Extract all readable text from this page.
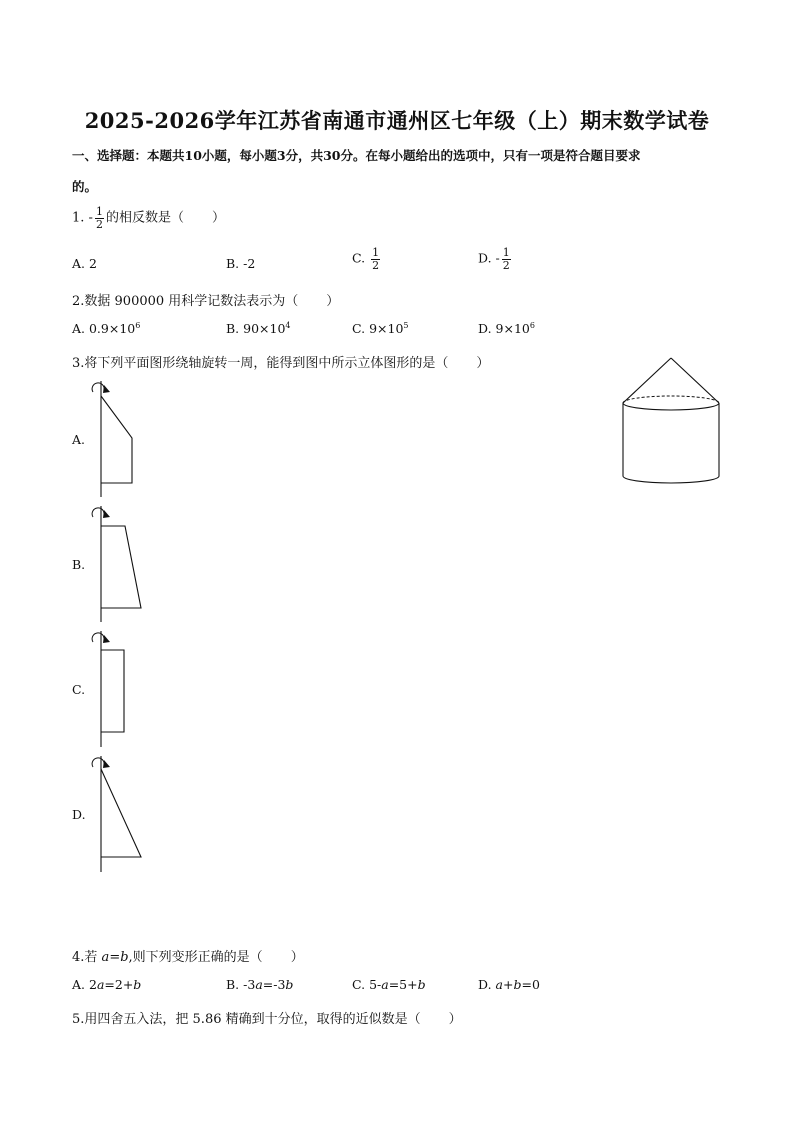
2025-2026学年江苏省南通市通州区七年级（上）期末数学试卷
一、选择题：本题共10小题，每小题3分，共30分。在每小题给出的选项中，只有一项是符合题目要求
的。
1. - $\frac{1}{2}$ 的相反数是（ ）
A. 2	B. -2	C. $\frac{1}{2}$	D. - $\frac{1}{2}$
2.数据 900000 用科学记数法表示为（ ）
A. $0.9\times 10^6$	B. $90\times 10^4$	C. $9\times 10^5$	D. $9\times 10^6$
3.将下列平面图形绕轴旋转一周，能得到图中所示立体图形的是（ ）
A.
B.
C.
D.
4.若 a=b,则下列变形正确的是（ ）
A. 2a=2+b	B. -3a=-3b	C. 5-a=5+b	D. a+b=0
5.用四舍五入法，把 5.86 精确到十分位，取得的近似数是（ ）
